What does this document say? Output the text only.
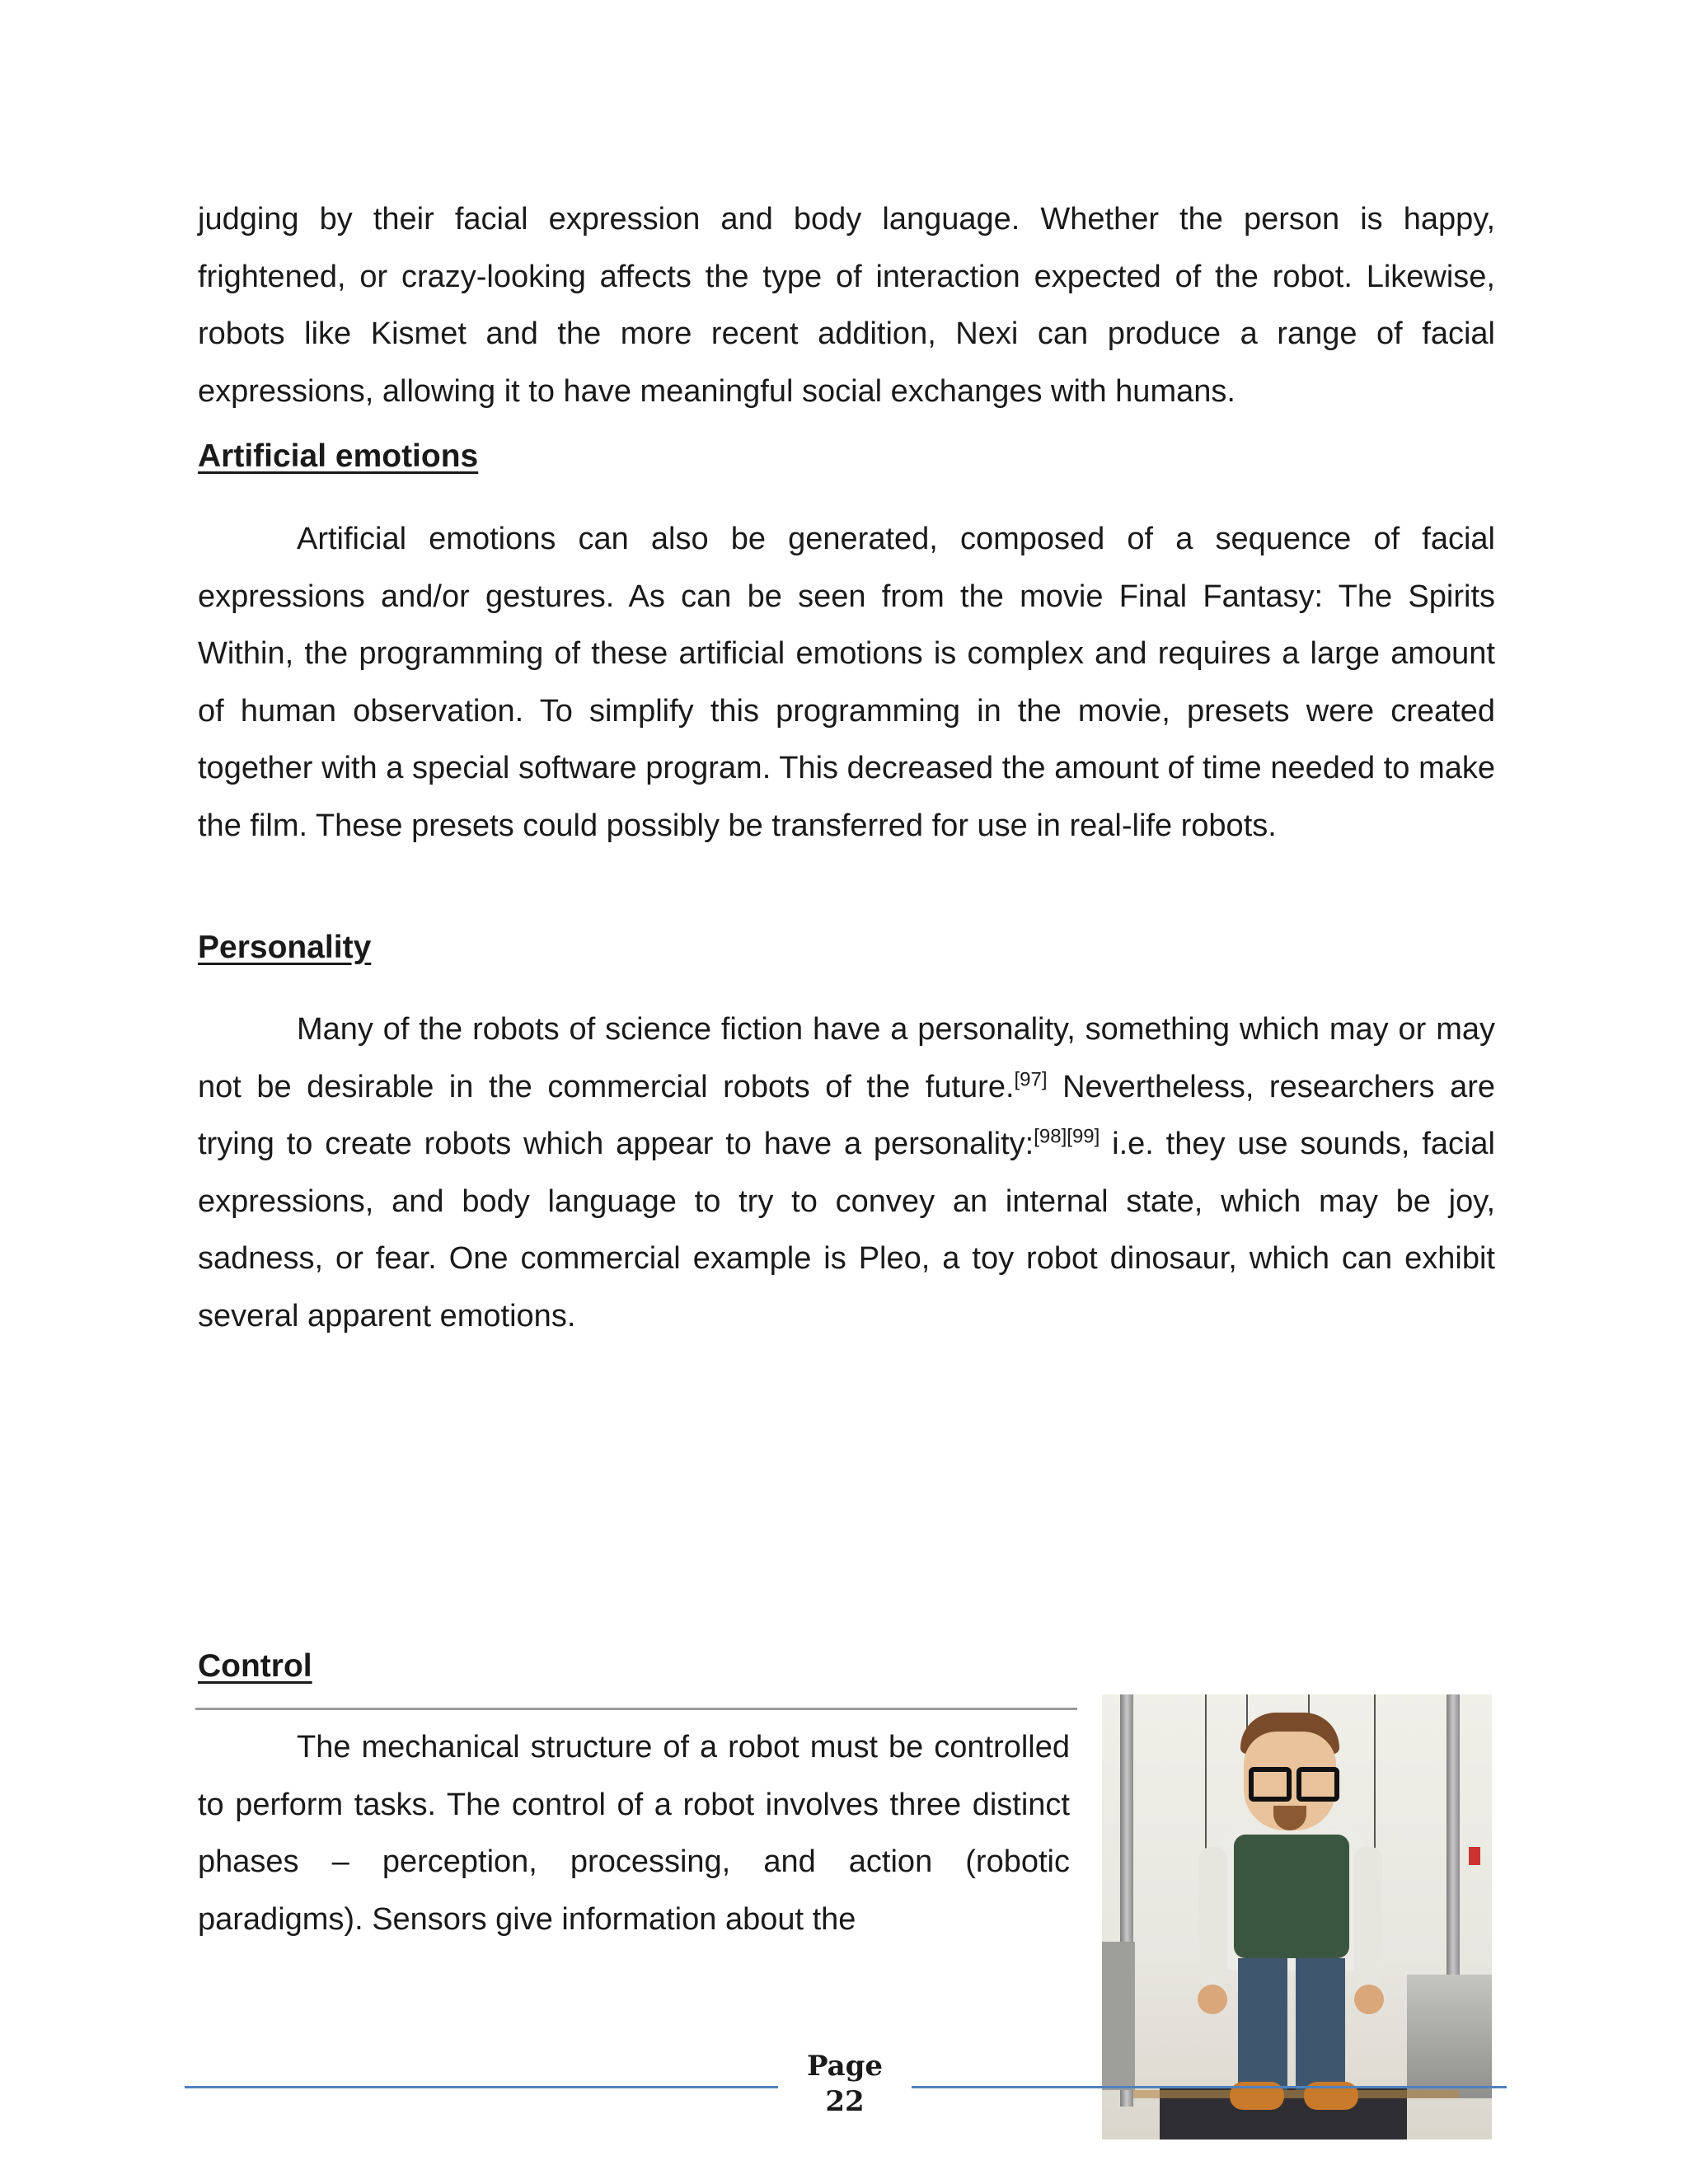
judging by their facial expression and body language. Whether the person is happy, frightened, or crazy-looking affects the type of interaction expected of the robot. Likewise, robots like Kismet and the more recent addition, Nexi can produce a range of facial expressions, allowing it to have meaningful social exchanges with humans.

Artificial emotions

Artificial emotions can also be generated, composed of a sequence of facial expressions and/or gestures. As can be seen from the movie Final Fantasy: The Spirits Within, the programming of these artificial emotions is complex and requires a large amount of human observation. To simplify this programming in the movie, presets were created together with a special software program. This decreased the amount of time needed to make the film. These presets could possibly be transferred for use in real-life robots.

Personality

Many of the robots of science fiction have a personality, something which may or may not be desirable in the commercial robots of the future.[97] Nevertheless, researchers are trying to create robots which appear to have a personality:[98][99] i.e. they use sounds, facial expressions, and body language to try to convey an internal state, which may be joy, sadness, or fear. One commercial example is Pleo, a toy robot dinosaur, which can exhibit several apparent emotions.

Control

The mechanical structure of a robot must be controlled to perform tasks. The control of a robot involves three distinct phases – perception, processing, and action (robotic paradigms). Sensors give information about the

Page

22
